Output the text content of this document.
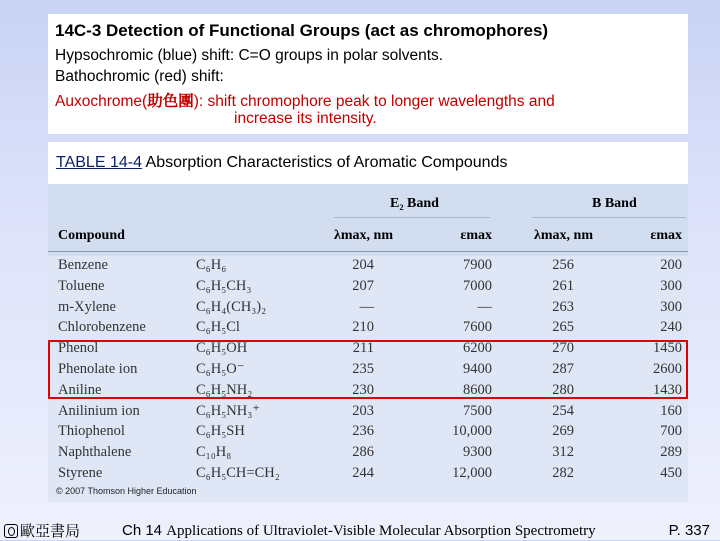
14C-3 Detection of Functional Groups (act as chromophores)
Hypsochromic (blue) shift: C=O groups in polar solvents.
Bathochromic (red) shift:
Auxochrome(助色團): shift chromophore peak to longer wavelengths and
increase its intensity.
TABLE 14-4 Absorption Characteristics of Aromatic Compounds
E₂ Band	B Band
Compound	λmax, nm	εmax	λmax, nm	εmax
Benzene	C₆H₆	204	7900	256	200
Toluene	C₆H₅CH₃	207	7000	261	300
m-Xylene	C₆H₄(CH₃)₂	—	—	263	300
Chlorobenzene	C₆H₅Cl	210	7600	265	240
Phenol	C₆H₅OH	211	6200	270	1450
Phenolate ion	C₆H₅O⁻	235	9400	287	2600
Aniline	C₆H₅NH₂	230	8600	280	1430
Anilinium ion	C₆H₅NH₃⁺	203	7500	254	160
Thiophenol	C₆H₅SH	236	10,000	269	700
Naphthalene	C₁₀H₈	286	9300	312	289
Styrene	C₆H₅CH=CH₂	244	12,000	282	450
© 2007 Thomson Higher Education
歐亞書局	Ch 14 Applications of Ultraviolet-Visible Molecular Absorption Spectrometry	P. 337
